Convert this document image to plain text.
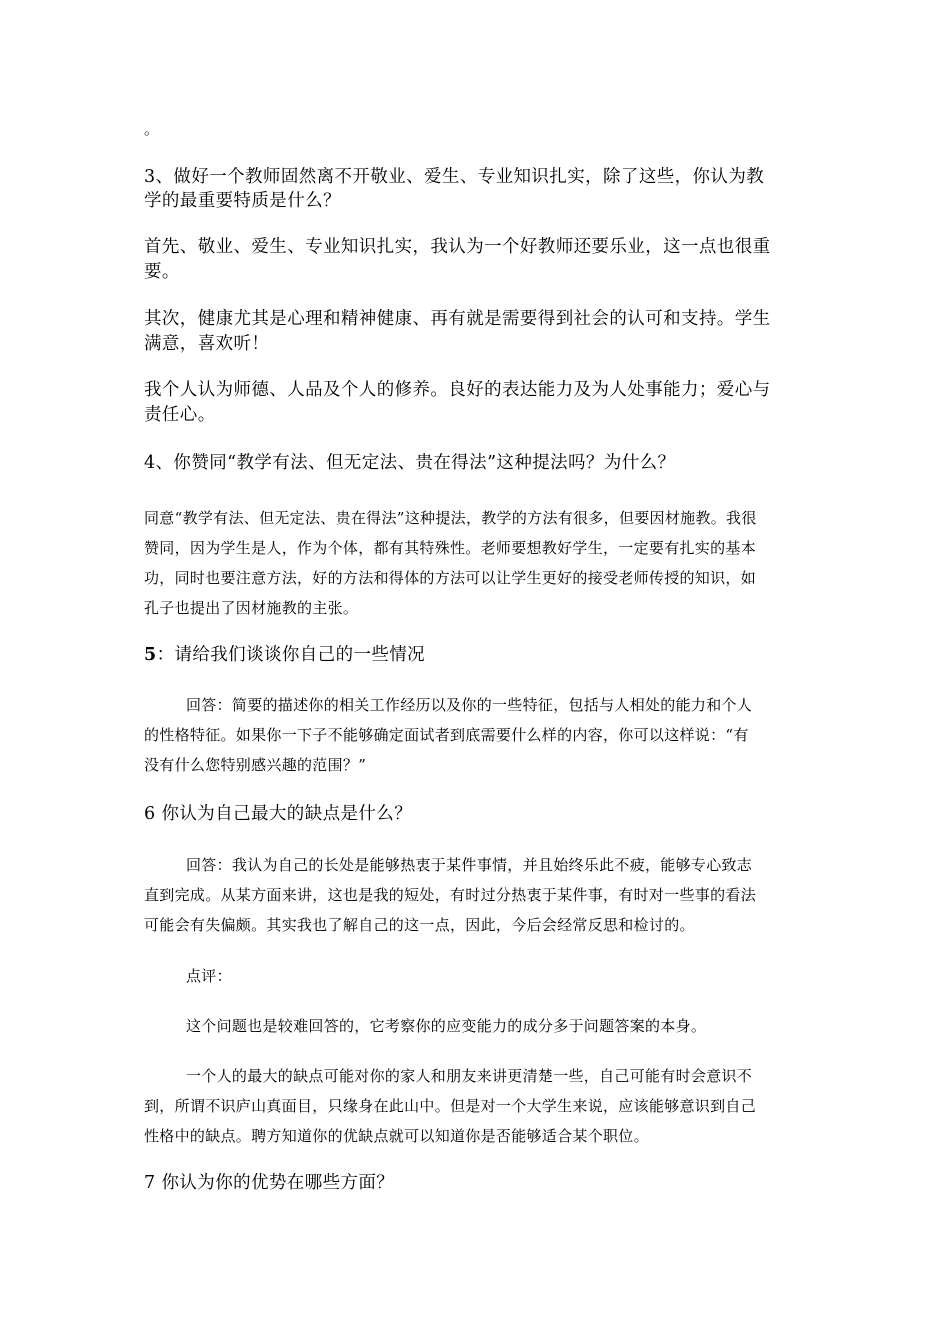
。
3、做好一个教师固然离不开敬业、爱生、专业知识扎实，除了这些，你认为教
学的最重要特质是什么？
首先、敬业、爱生、专业知识扎实，我认为一个好教师还要乐业，这一点也很重
要。
其次，健康尤其是心理和精神健康、再有就是需要得到社会的认可和支持。学生
满意，喜欢听！
我个人认为师德、人品及个人的修养。良好的表达能力及为人处事能力；爱心与
责任心。
4、你赞同“教学有法、但无定法、贵在得法”这种提法吗？为什么？
同意“教学有法、但无定法、贵在得法”这种提法，教学的方法有很多，但要因材施教。我很
赞同，因为学生是人，作为个体，都有其特殊性。老师要想教好学生，一定要有扎实的基本
功，同时也要注意方法，好的方法和得体的方法可以让学生更好的接受老师传授的知识，如
孔子也提出了因材施教的主张。
5：请给我们谈谈你自己的一些情况
回答：简要的描述你的相关工作经历以及你的一些特征，包括与人相处的能力和个人
的性格特征。如果你一下子不能够确定面试者到底需要什么样的内容，你可以这样说：“有
没有什么您特别感兴趣的范围？”
6 你认为自己最大的缺点是什么？
回答：我认为自己的长处是能够热衷于某件事情，并且始终乐此不疲，能够专心致志
直到完成。从某方面来讲，这也是我的短处，有时过分热衷于某件事，有时对一些事的看法
可能会有失偏颇。其实我也了解自己的这一点，因此，今后会经常反思和检讨的。
点评：
这个问题也是较难回答的，它考察你的应变能力的成分多于问题答案的本身。
一个人的最大的缺点可能对你的家人和朋友来讲更清楚一些，自己可能有时会意识不
到，所谓不识庐山真面目，只缘身在此山中。但是对一个大学生来说，应该能够意识到自己
性格中的缺点。聘方知道你的优缺点就可以知道你是否能够适合某个职位。
7 你认为你的优势在哪些方面？
